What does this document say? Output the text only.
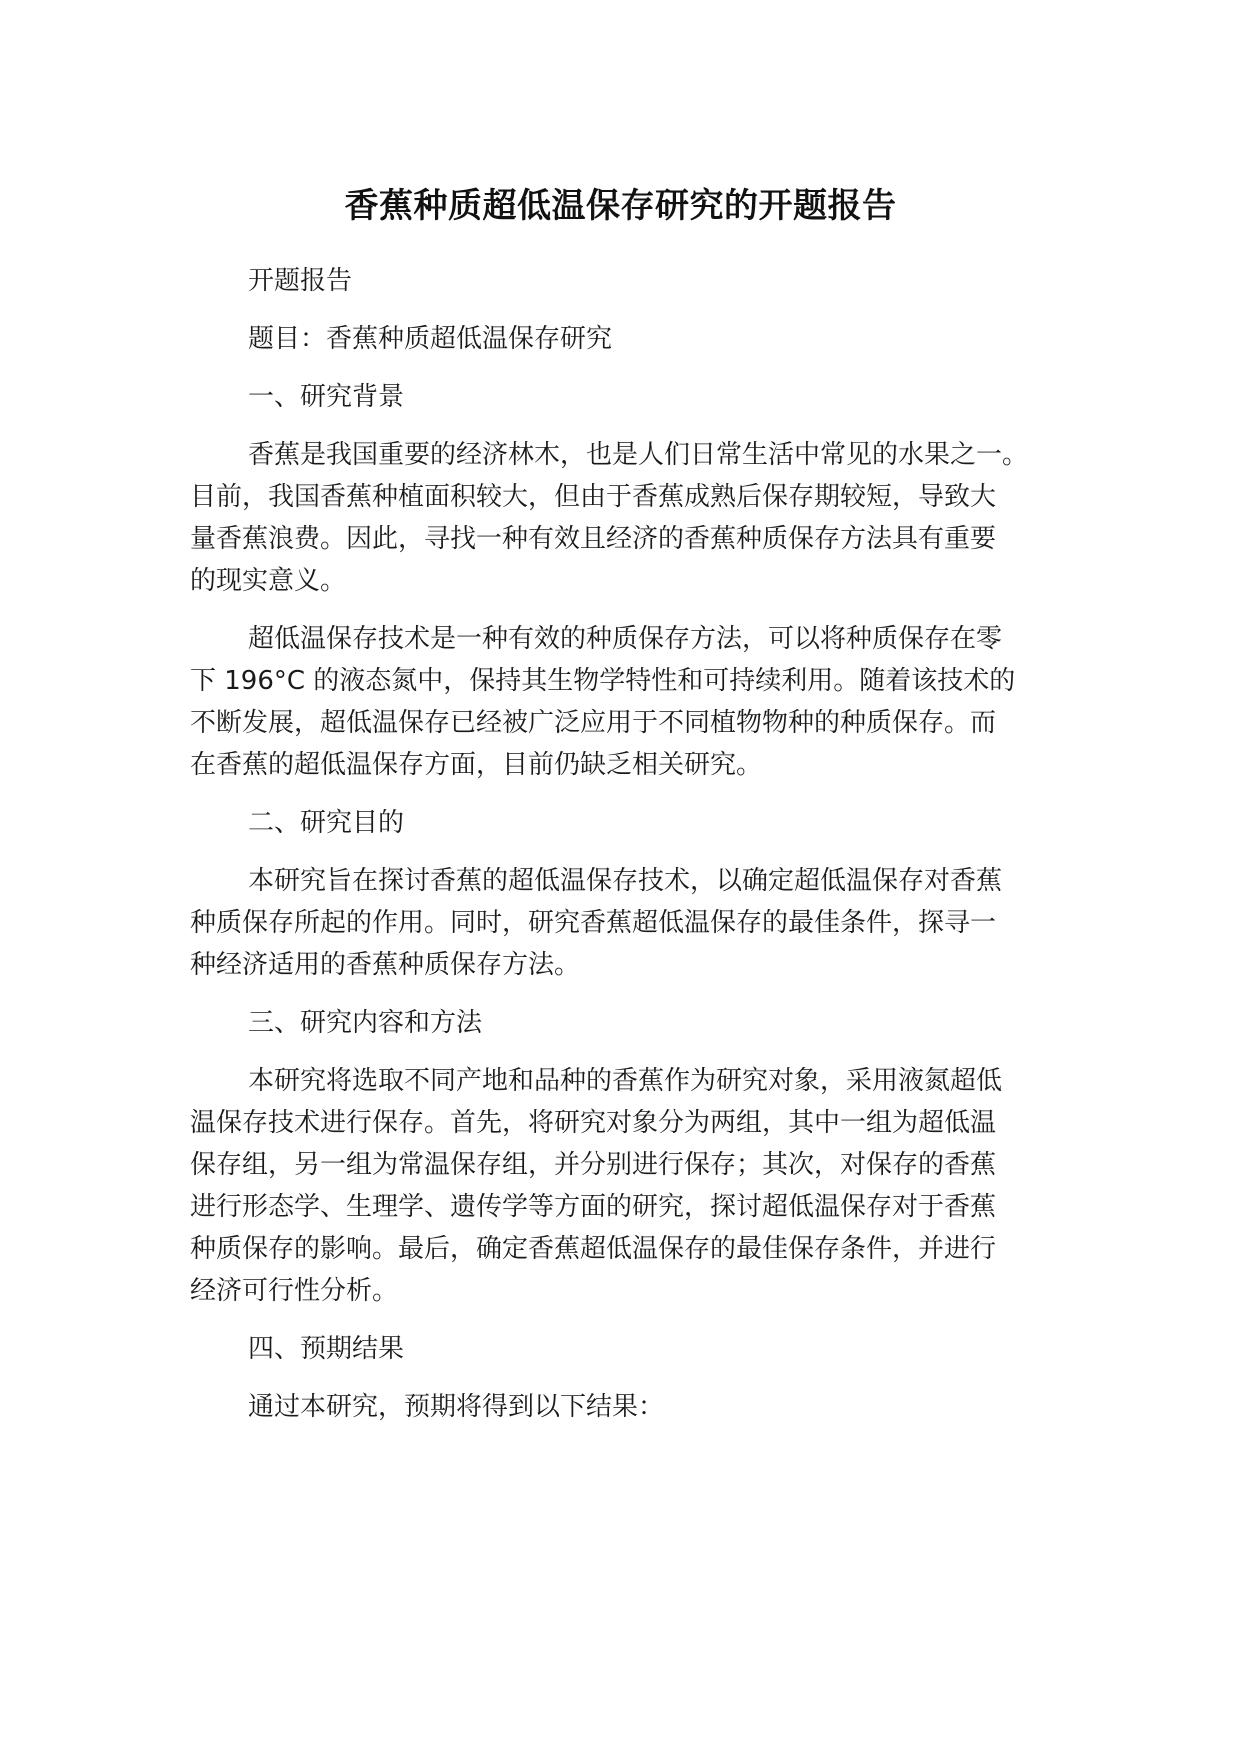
香蕉种质超低温保存研究的开题报告
开题报告
题目：香蕉种质超低温保存研究
一、研究背景
香蕉是我国重要的经济林木，也是人们日常生活中常见的水果之一。
目前，我国香蕉种植面积较大，但由于香蕉成熟后保存期较短，导致大
量香蕉浪费。因此，寻找一种有效且经济的香蕉种质保存方法具有重要
的现实意义。
超低温保存技术是一种有效的种质保存方法，可以将种质保存在零
下 196°C 的液态氮中，保持其生物学特性和可持续利用。随着该技术的
不断发展，超低温保存已经被广泛应用于不同植物物种的种质保存。而
在香蕉的超低温保存方面，目前仍缺乏相关研究。
二、研究目的
本研究旨在探讨香蕉的超低温保存技术，以确定超低温保存对香蕉
种质保存所起的作用。同时，研究香蕉超低温保存的最佳条件，探寻一
种经济适用的香蕉种质保存方法。
三、研究内容和方法
本研究将选取不同产地和品种的香蕉作为研究对象，采用液氮超低
温保存技术进行保存。首先，将研究对象分为两组，其中一组为超低温
保存组，另一组为常温保存组，并分别进行保存；其次，对保存的香蕉
进行形态学、生理学、遗传学等方面的研究，探讨超低温保存对于香蕉
种质保存的影响。最后，确定香蕉超低温保存的最佳保存条件，并进行
经济可行性分析。
四、预期结果
通过本研究，预期将得到以下结果：
